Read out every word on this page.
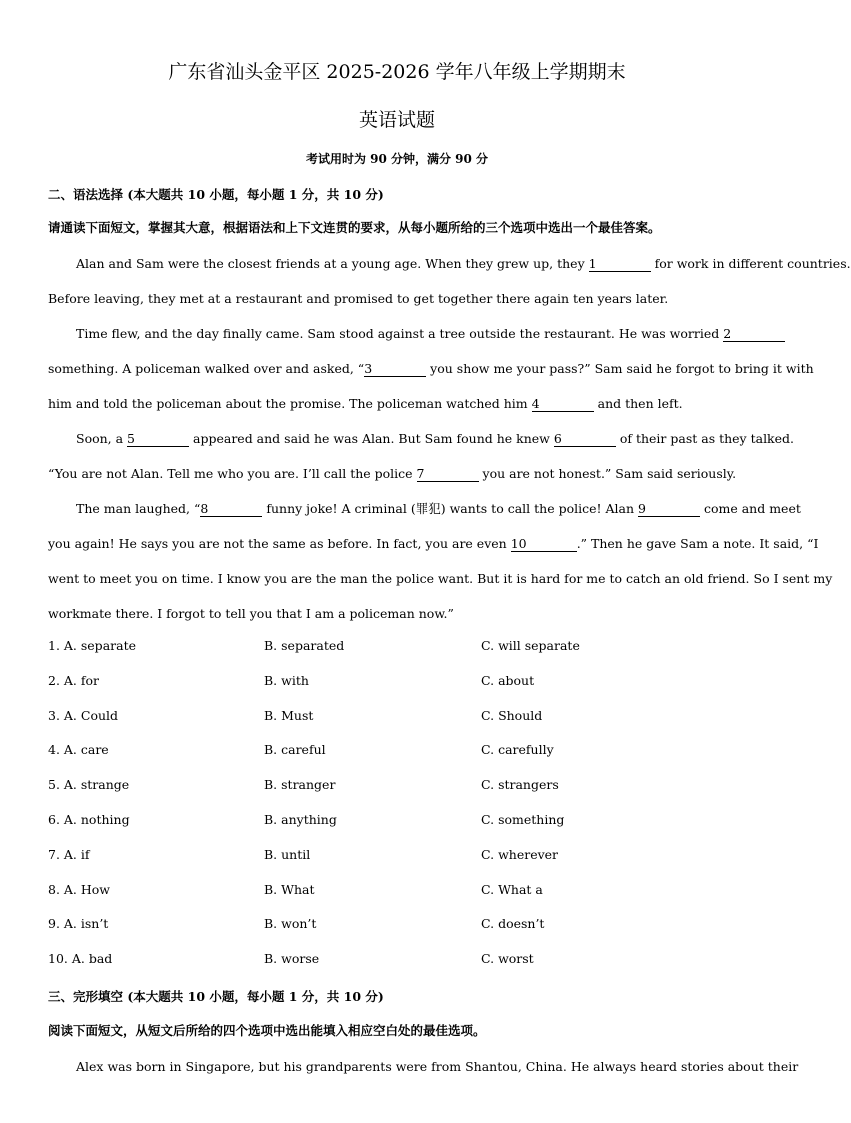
广东省汕头金平区 2025-2026 学年八年级上学期期末
英语试题
考试用时为 90 分钟，满分 90 分
二、语法选择 (本大题共 10 小题，每小题 1 分，共 10 分)
请通读下面短文，掌握其大意，根据语法和上下文连贯的要求，从每小题所给的三个选项中选出一个最佳答案。
Alan and Sam were the closest friends at a young age. When they grew up, they 1	for work in different countries.
Before leaving, they met at a restaurant and promised to get together there again ten years later.
Time flew, and the day finally came. Sam stood against a tree outside the restaurant. He was worried 2
something. A policeman walked over and asked, “3	you show me your pass?” Sam said he forgot to bring it with
him and told the policeman about the promise. The policeman watched him 4	and then left.
Soon, a 5	appeared and said he was Alan. But Sam found he knew 6	of their past as they talked.
“You are not Alan. Tell me who you are. I’ll call the police 7	you are not honest.” Sam said seriously.
The man laughed, “8	funny joke! A criminal (罪犯) wants to call the police! Alan 9	come and meet
you again! He says you are not the same as before. In fact, you are even 10	.” Then he gave Sam a note. It said, “I
went to meet you on time. I know you are the man the police want. But it is hard for me to catch an old friend. So I sent my
workmate there. I forgot to tell you that I am a policeman now.”
1. A. separate	B. separated	C. will separate
2. A. for	B. with	C. about
3. A. Could	B. Must	C. Should
4. A. care	B. careful	C. carefully
5. A. strange	B. stranger	C. strangers
6. A. nothing	B. anything	C. something
7. A. if	B. until	C. wherever
8. A. How	B. What	C. What a
9. A. isn’t	B. won’t	C. doesn’t
10. A. bad	B. worse	C. worst
三、完形填空 (本大题共 10 小题，每小题 1 分，共 10 分)
阅读下面短文，从短文后所给的四个选项中选出能填入相应空白处的最佳选项。
Alex was born in Singapore, but his grandparents were from Shantou, China. He always heard stories about their
